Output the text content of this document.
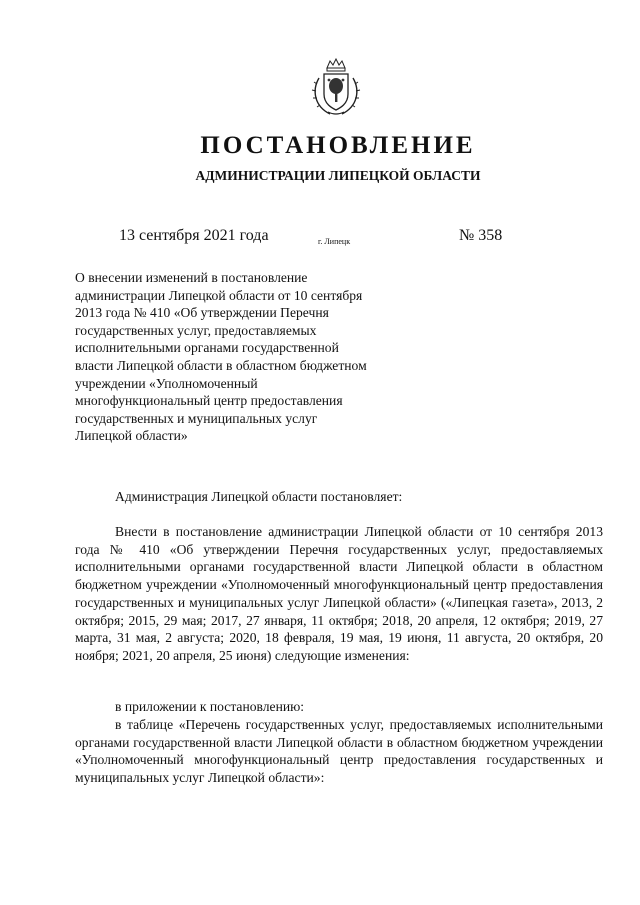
ПОСТАНОВЛЕНИЕ
АДМИНИСТРАЦИИ ЛИПЕЦКОЙ ОБЛАСТИ
13 сентября 2021 года	г. Липецк	№ 358
О внесении изменений в постановление администрации Липецкой области от 10 сентября 2013 года № 410 «Об утверждении Перечня государственных услуг, предоставляемых исполнительными органами государственной власти Липецкой области в областном бюджетном учреждении «Уполномоченный многофункциональный центр предоставления государственных и муниципальных услуг Липецкой области»
Администрация Липецкой области постановляет:
Внести в постановление администрации Липецкой области от 10 сентября 2013 года № 410 «Об утверждении Перечня государственных услуг, предоставляемых исполнительными органами государственной власти Липецкой области в областном бюджетном учреждении «Уполномоченный многофункциональный центр предоставления государственных и муниципальных услуг Липецкой области» («Липецкая газета», 2013, 2 октября; 2015, 29 мая; 2017, 27 января, 11 октября; 2018, 20 апреля, 12 октября; 2019, 27 марта, 31 мая, 2 августа; 2020, 18 февраля, 19 мая, 19 июня, 11 августа, 20 октября, 20 ноября; 2021, 20 апреля, 25 июня) следующие изменения:
в приложении к постановлению:
в таблице «Перечень государственных услуг, предоставляемых исполнительными органами государственной власти Липецкой области в областном бюджетном учреждении «Уполномоченный многофункциональный центр предоставления государственных и муниципальных услуг Липецкой области»:
